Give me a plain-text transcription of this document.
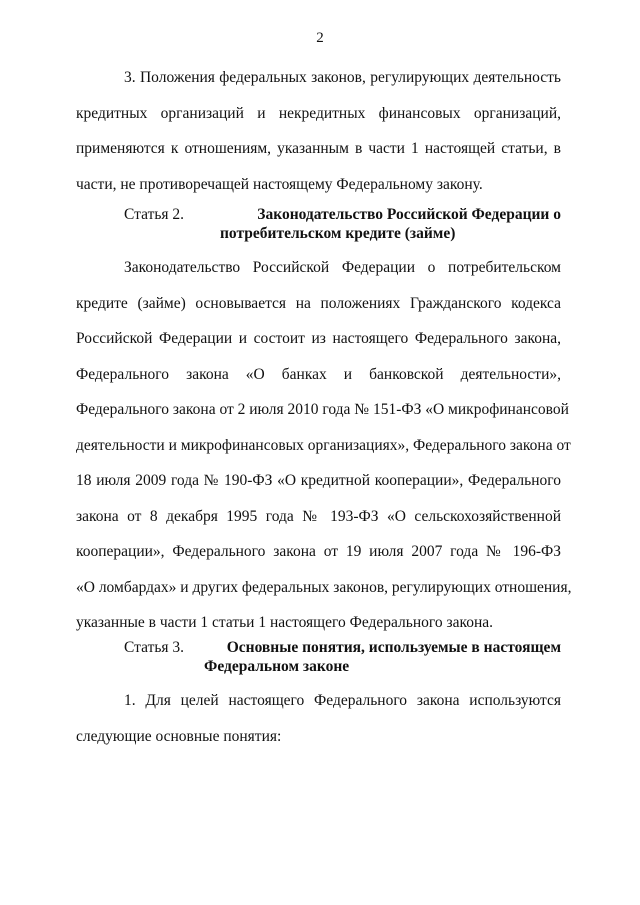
2
3. Положения федеральных законов, регулирующих деятельность
кредитных организаций и некредитных финансовых организаций,
применяются к отношениям, указанным в части 1 настоящей статьи, в
части, не противоречащей настоящему Федеральному закону.
Статья 2.	Законодательство Российской Федерации о
потребительском кредите (займе)
Законодательство Российской Федерации о потребительском
кредите (займе) основывается на положениях Гражданского кодекса
Российской Федерации и состоит из настоящего Федерального закона,
Федерального закона «О банках и банковской деятельности»,
Федерального закона от 2 июля 2010 года № 151-ФЗ «О микрофинансовой
деятельности и микрофинансовых организациях», Федерального закона от
18 июля 2009 года № 190-ФЗ «О кредитной кооперации», Федерального
закона от 8 декабря 1995 года № 193-ФЗ «О сельскохозяйственной
кооперации», Федерального закона от 19 июля 2007 года № 196-ФЗ
«О ломбардах» и других федеральных законов, регулирующих отношения,
указанные в части 1 статьи 1 настоящего Федерального закона.
Статья 3.	Основные понятия, используемые в настоящем
Федеральном законе
1. Для целей настоящего Федерального закона используются
следующие основные понятия:
